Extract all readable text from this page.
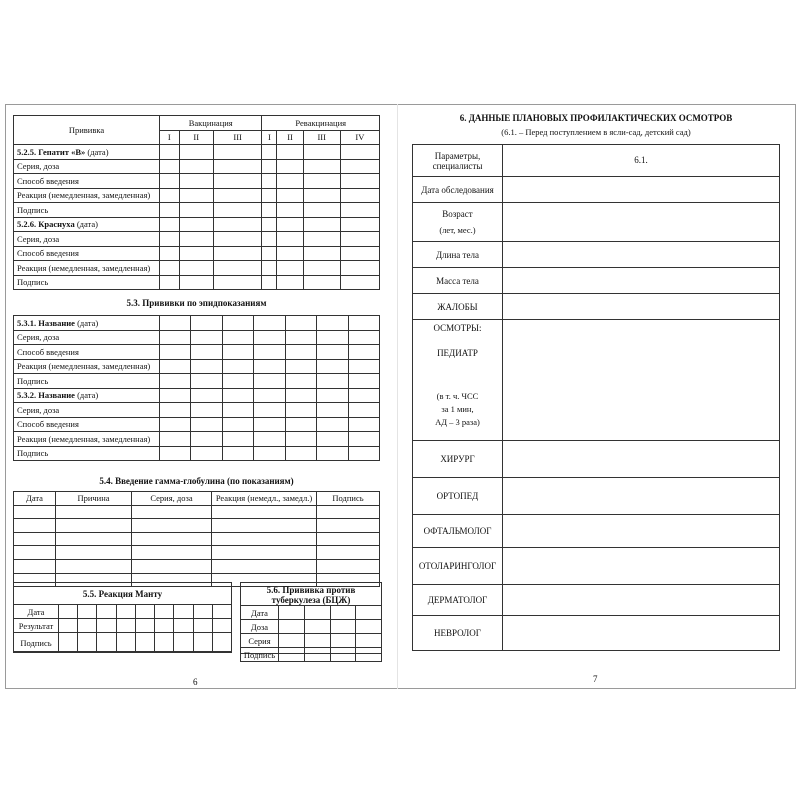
Прививка	Вакцинация			Ревакцинация			
	I	II	III	I	II	III	IV
5.2.5. Гепатит «В» (дата)							
Серия, доза							
Способ введения							
Реакция (немедленная, замедленная)							
Подпись							
5.2.6. Краснуха (дата)							
Серия, доза							
Способ введения							
Реакция (немедленная, замедленная)							
Подпись							
5.3. Прививки по эпидпоказаниям
5.3.1. Название (дата)							
Серия, доза							
Способ введения							
Реакция (немедленная, замедленная)							
Подпись							
5.3.2. Название (дата)							
Серия, доза							
Способ введения							
Реакция (немедленная, замедленная)							
Подпись							
5.4. Введение гамма-глобулина (по показаниям)
Дата	Причина	Серия, доза	Реакция (немедл., замедл.)	Подпись

5.5. Реакция Манту
Дата									
Результат									
Подпись									
5.6. Прививка против
туберкулеза (БЦЖ)
Дата				
Доза				
Серия				
Подпись				
6
6. ДАННЫЕ ПЛАНОВЫХ ПРОФИЛАКТИЧЕСКИХ ОСМОТРОВ
(6.1. – Перед поступлением в ясли-сад, детский сад)
Параметры,
специалисты	6.1.
Дата обследования	

Возраст
(лет, мес.)	

Длина тела	
Масса тела	
ЖАЛОБЫ	

ОСМОТРЫ:
ПЕДИАТР
(в т. ч. ЧСС
за 1 мин,
АД – 3 раза)	

ХИРУРГ	
ОРТОПЕД	
ОФТАЛЬМОЛОГ	
ОТОЛАРИНГОЛОГ	
ДЕРМАТОЛОГ	
НЕВРОЛОГ	
7
